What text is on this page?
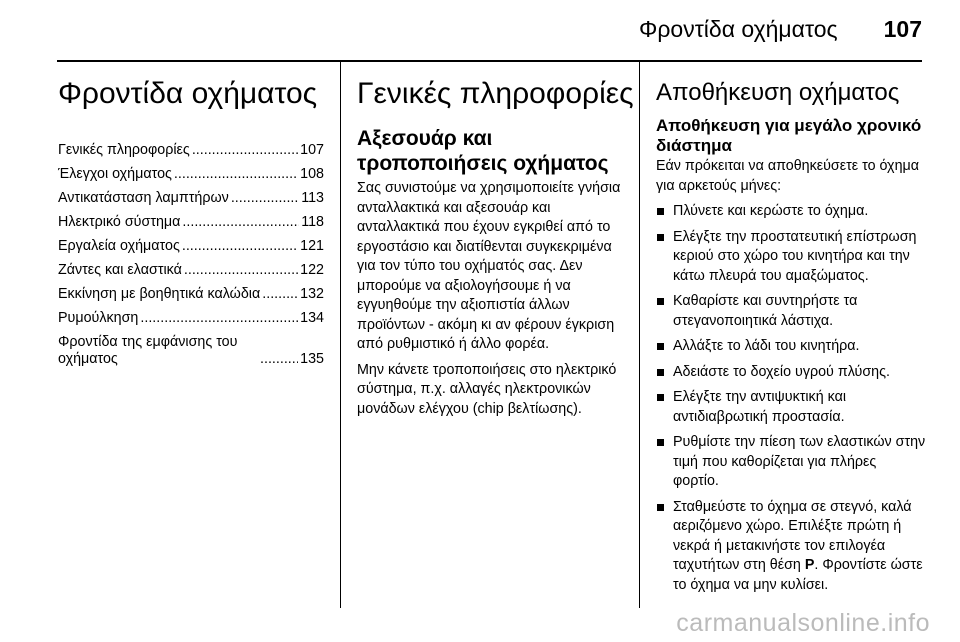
Φροντίδα οχήματος 107
Φροντίδα οχήματος
Γενικές πληροφορίες .....	107
Έλεγχοι οχήματος .....	108
Αντικατάσταση λαμπτήρων .....	113
Ηλεκτρικό σύστημα .....	118
Εργαλεία οχήματος .....	121
Ζάντες και ελαστικά .....	122
Εκκίνηση με βοηθητικά καλώδια .....	132
Ρυμούλκηση .....	134
Φροντίδα της εμφάνισης του οχήματος .....	135
Γενικές πληροφορίες
Αξεσουάρ και τροποποιήσεις οχήματος

Σας συνιστούμε να χρησιμοποιείτε γνήσια ανταλλακτικά και αξεσουάρ και ανταλλακτικά που έχουν εγκριθεί από το εργοστάσιο και διατίθενται συγκεκριμένα για τον τύπο του οχήματός σας. Δεν μπορούμε να αξιολογήσουμε ή να εγγυηθούμε την αξιοπιστία άλλων προϊόντων - ακόμη κι αν φέρουν έγκριση από ρυθμιστικό ή άλλο φορέα.

Μην κάνετε τροποποιήσεις στο ηλεκτρικό σύστημα, π.χ. αλλαγές ηλεκτρονικών μονάδων ελέγχου (chip βελτίωσης).

Αποθήκευση οχήματος
Αποθήκευση για μεγάλο χρονικό διάστημα

Εάν πρόκειται να αποθηκεύσετε το όχημα για αρκετούς μήνες:

Πλύνετε και κερώστε το όχημα.
Ελέγξτε την προστατευτική επίστρωση κεριού στο χώρο του κινητήρα και την κάτω πλευρά του αμαξώματος.
Καθαρίστε και συντηρήστε τα στεγανοποιητικά λάστιχα.
Αλλάξτε το λάδι του κινητήρα.
Αδειάστε το δοχείο υγρού πλύσης.
Ελέγξτε την αντιψυκτική και αντιδιαβρωτική προστασία.
Ρυθμίστε την πίεση των ελαστικών στην τιμή που καθορίζεται για πλήρες φορτίο.
Σταθμεύστε το όχημα σε στεγνό, καλά αεριζόμενο χώρο. Επιλέξτε πρώτη ή νεκρά ή μετακινήστε τον επιλογέα ταχυτήτων στη θέση P. Φροντίστε ώστε το όχημα να μην κυλίσει.
carmanualsonline.info
